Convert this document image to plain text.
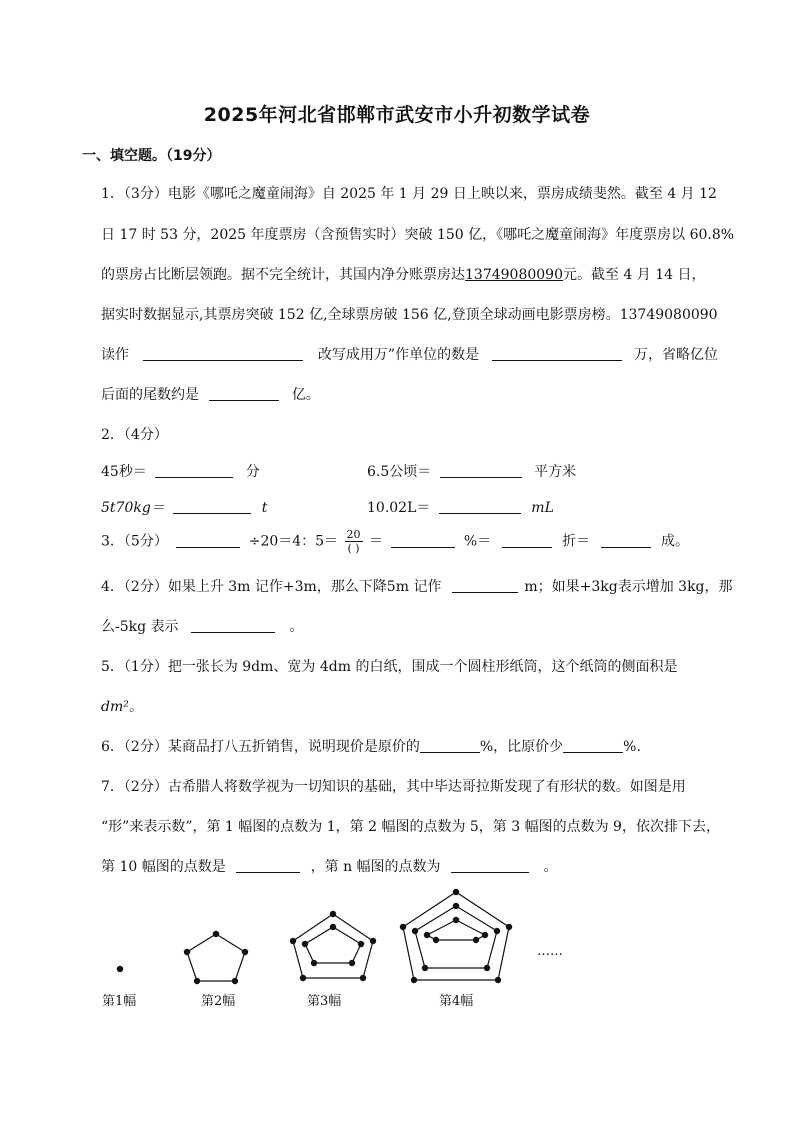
2025年河北省邯郸市武安市小升初数学试卷
一、填空题。（19分）
1．（3分）电影《哪吒之魔童闹海》自 2025 年 1 月 29 日上映以来，票房成绩斐然。截至 4 月 12
日 17 时 53 分，2025 年度票房（含预售实时）突破 150 亿，《哪吒之魔童闹海》年度票房以 60.8%
的票房占比断层领跑。据不完全统计，其国内净分账票房达13749080090元。截至 4 月 14 日，
据实时数据显示,其票房突破 152 亿,全球票房破 156 亿,登顶全球动画电影票房榜。13749080090
读作	改写成用万”作单位的数是	万，省略亿位
后面的尾数约是	亿。
2．（4分）
45秒＝	分	6.5公顷＝	平方米
5t70kg＝	t	10.02L＝	mL
3．（5分）	÷20＝4：$5= \frac{20}{( )}$ ＝	%＝	折＝	成。
4．（2分）如果上升 3m 记作+3m，那么下降5m 记作	m；如果+3kg表示增加 3kg，那
么-5kg 表示	。
5．（1分）把一张长为 9dm、宽为 4dm 的白纸，围成一个圆柱形纸筒，这个纸筒的侧面积是
dm²。
6．（2分）某商品打八五折销售，说明现价是原价的	%，比原价少	%.
7．（2分）古希腊人将数学视为一切知识的基础，其中毕达哥拉斯发现了有形状的数。如图是用
“形”来表示数”，第 1 幅图的点数为 1，第 2 幅图的点数为 5，第 3 幅图的点数为 9，依次排下去，
第 10 幅图的点数是	，第 n 幅图的点数为	。
第1幅	第2幅	第3幅	第4幅
……
